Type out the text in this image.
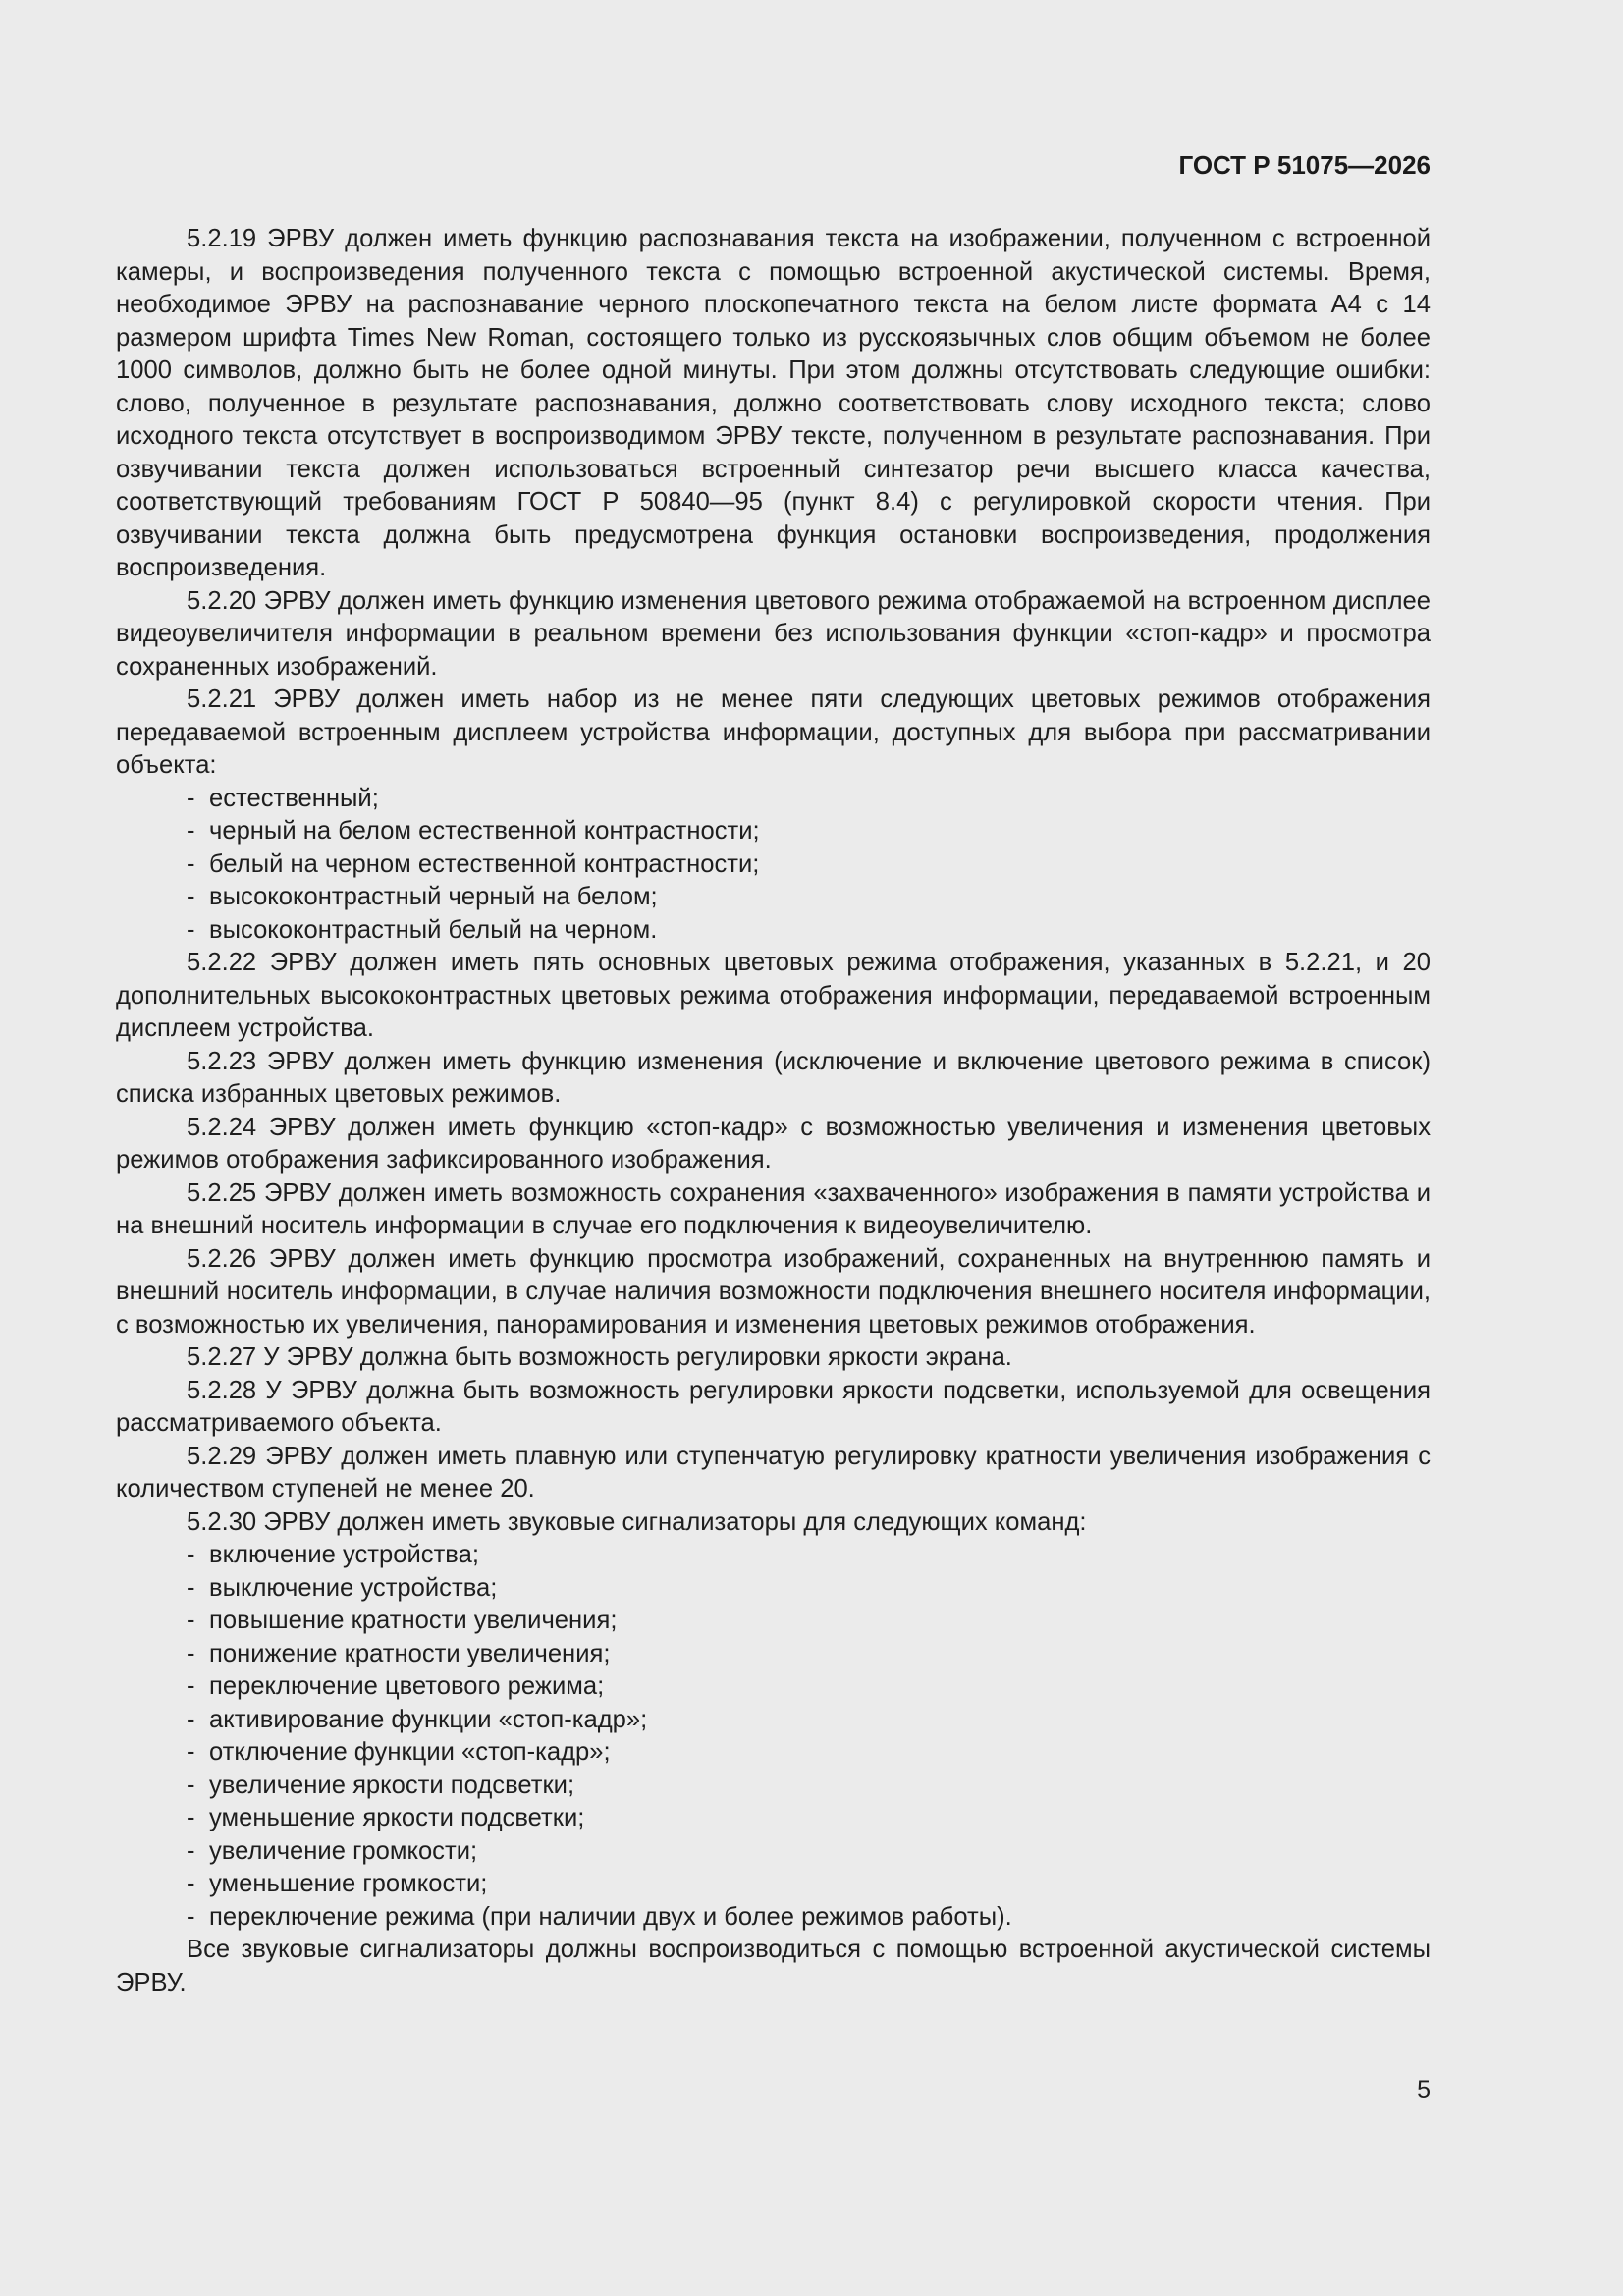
ГОСТ Р 51075—2026

5.2.19 ЭРВУ должен иметь функцию распознавания текста на изображении, полученном с встроенной камеры, и воспроизведения полученного текста с помощью встроенной акустической системы. Время, необходимое ЭРВУ на распознавание черного плоскопечатного текста на белом листе формата А4 с 14 размером шрифта Times New Roman, состоящего только из русскоязычных слов общим объемом не более 1000 символов, должно быть не более одной минуты. При этом должны отсутствовать следующие ошибки: слово, полученное в результате распознавания, должно соответствовать слову исходного текста; слово исходного текста отсутствует в воспроизводимом ЭРВУ тексте, полученном в результате распознавания. При озвучивании текста должен использоваться встроенный синтезатор речи высшего класса качества, соответствующий требованиям ГОСТ Р 50840—95 (пункт 8.4) с регулировкой скорости чтения. При озвучивании текста должна быть предусмотрена функция остановки воспроизведения, продолжения воспроизведения.

5.2.20 ЭРВУ должен иметь функцию изменения цветового режима отображаемой на встроенном дисплее видеоувеличителя информации в реальном времени без использования функции «стоп-кадр» и просмотра сохраненных изображений.

5.2.21 ЭРВУ должен иметь набор из не менее пяти следующих цветовых режимов отображения передаваемой встроенным дисплеем устройства информации, доступных для выбора при рассматривании объекта:

- естественный;
- черный на белом естественной контрастности;
- белый на черном естественной контрастности;
- высококонтрастный черный на белом;
- высококонтрастный белый на черном.

5.2.22 ЭРВУ должен иметь пять основных цветовых режима отображения, указанных в 5.2.21, и 20 дополнительных высококонтрастных цветовых режима отображения информации, передаваемой встроенным дисплеем устройства.

5.2.23 ЭРВУ должен иметь функцию изменения (исключение и включение цветового режима в список) списка избранных цветовых режимов.

5.2.24 ЭРВУ должен иметь функцию «стоп-кадр» с возможностью увеличения и изменения цветовых режимов отображения зафиксированного изображения.

5.2.25 ЭРВУ должен иметь возможность сохранения «захваченного» изображения в памяти устройства и на внешний носитель информации в случае его подключения к видеоувеличителю.

5.2.26 ЭРВУ должен иметь функцию просмотра изображений, сохраненных на внутреннюю память и внешний носитель информации, в случае наличия возможности подключения внешнего носителя информации, с возможностью их увеличения, панорамирования и изменения цветовых режимов отображения.

5.2.27 У ЭРВУ должна быть возможность регулировки яркости экрана.

5.2.28 У ЭРВУ должна быть возможность регулировки яркости подсветки, используемой для освещения рассматриваемого объекта.

5.2.29 ЭРВУ должен иметь плавную или ступенчатую регулировку кратности увеличения изображения с количеством ступеней не менее 20.

5.2.30 ЭРВУ должен иметь звуковые сигнализаторы для следующих команд:

- включение устройства;
- выключение устройства;
- повышение кратности увеличения;
- понижение кратности увеличения;
- переключение цветового режима;
- активирование функции «стоп-кадр»;
- отключение функции «стоп-кадр»;
- увеличение яркости подсветки;
- уменьшение яркости подсветки;
- увеличение громкости;
- уменьшение громкости;
- переключение режима (при наличии двух и более режимов работы).

Все звуковые сигнализаторы должны воспроизводиться с помощью встроенной акустической системы ЭРВУ.

5
